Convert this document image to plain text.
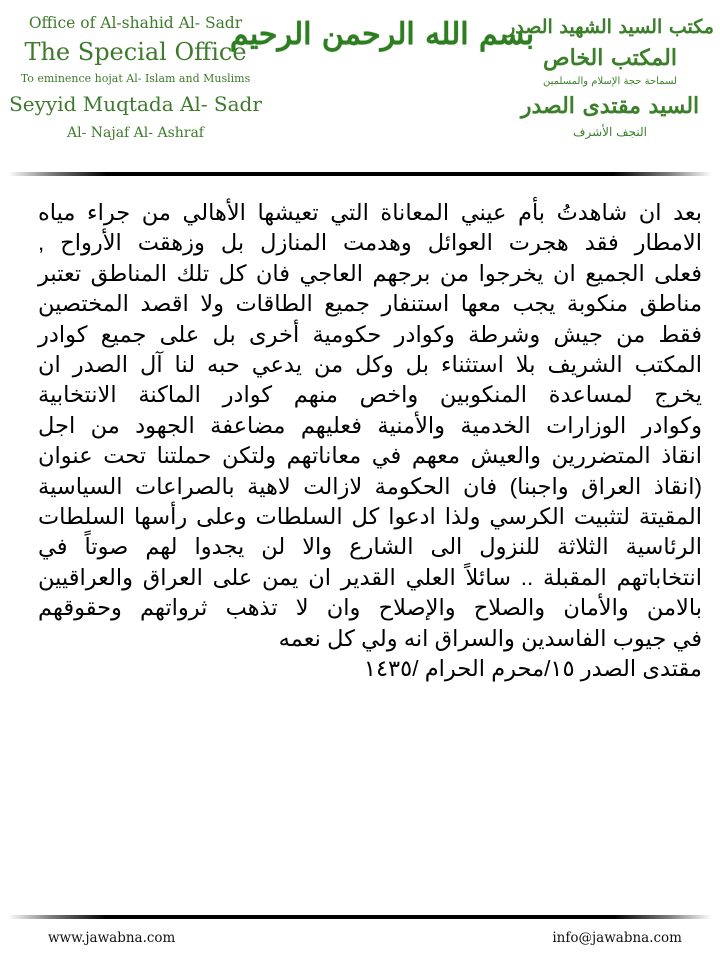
Office of Al-shahid Al- Sadr
The Special Office
To eminence hojat Al- Islam and Muslims
Seyyid Muqtada Al- Sadr
Al- Najaf Al- Ashraf
بسم الله الرحمن الرحيم
مكتب السيد الشهيد الصدر
المكتب الخاص
لسماحة حجة الإسلام والمسلمين
السيد مقتدى الصدر
النجف الأشرف
بعد ان شاهدتُ بأم عيني المعاناة التي تعيشها الأهالي من جراء مياه
الامطار فقد هجرت العوائل وهدمت المنازل بل وزهقت الأرواح ,
فعلى الجميع ان يخرجوا من برجهم العاجي فان كل تلك المناطق تعتبر
مناطق منكوبة يجب معها استنفار جميع الطاقات ولا اقصد المختصين
فقط من جيش وشرطة وكوادر حكومية أخرى بل على جميع كوادر
المكتب الشريف بلا استثناء بل وكل من يدعي حبه لنا آل الصدر ان
يخرج لمساعدة المنكوبين واخص منهم كوادر الماكنة الانتخابية
وكوادر الوزارات الخدمية والأمنية فعليهم مضاعفة الجهود من اجل
انقاذ المتضررين والعيش معهم في معاناتهم ولتكن حملتنا تحت عنوان
(انقاذ العراق واجبنا) فان الحكومة لازالت لاهية بالصراعات السياسية
المقيتة لتثبيت الكرسي ولذا ادعوا كل السلطات وعلى رأسها السلطات
الرئاسية الثلاثة للنزول الى الشارع والا لن يجدوا لهم صوتاً في
انتخاباتهم المقبلة .. سائلاً العلي القدير ان يمن على العراق والعراقيين
بالامن والأمان والصلاح والإصلاح وان لا تذهب ثرواتهم وحقوقهم
في جيوب الفاسدين والسراق انه ولي كل نعمه
مقتدى الصدر ١٥/محرم الحرام /١٤٣٥
www.jawabna.com	info@jawabna.com
